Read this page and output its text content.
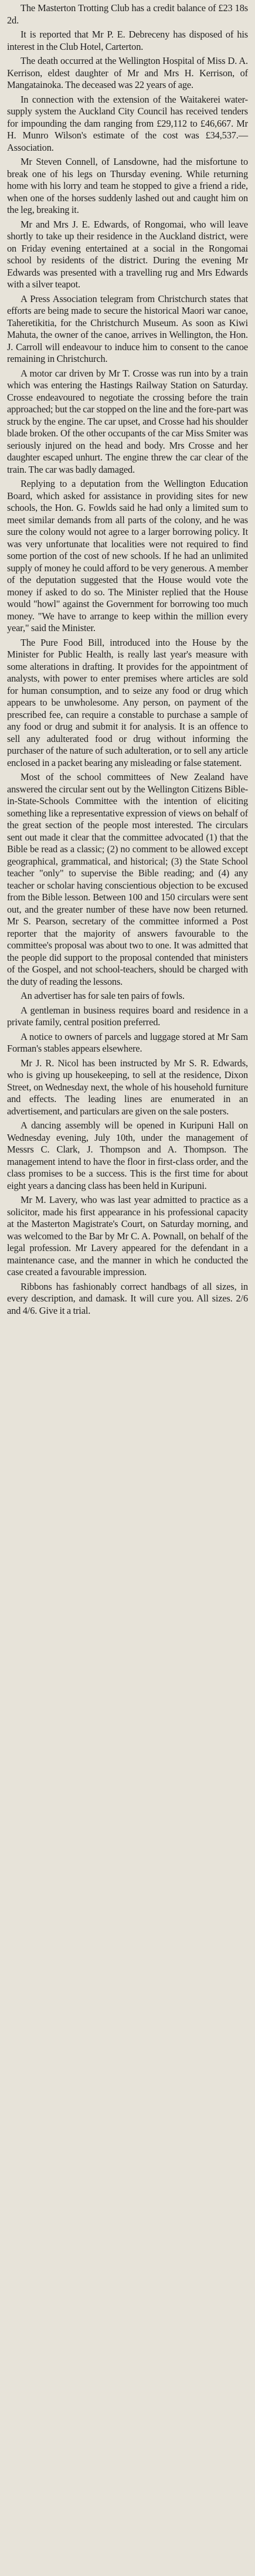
The Masterton Trotting Club has a credit balance of £23 18s 2d.

It is reported that Mr P. E. Debreceny has disposed of his interest in the Club Hotel, Carterton.

The death occurred at the Wellington Hospital of Miss D. A. Kerrison, eldest daughter of Mr and Mrs H. Kerrison, of Mangatainoka. The deceased was 22 years of age.

In connection with the extension of the Waitakerei water-supply system the Auckland City Council has received tenders for impounding the dam ranging from £29,112 to £46,667. Mr H. Munro Wilson's estimate of the cost was £34,537.—Association.

Mr Steven Connell, of Lansdowne, had the misfortune to break one of his legs on Thursday evening. While returning home with his lorry and team he stopped to give a friend a ride, when one of the horses suddenly lashed out and caught him on the leg, breaking it.

Mr and Mrs J. E. Edwards, of Rongomai, who will leave shortly to take up their residence in the Auckland district, were on Friday evening entertained at a social in the Rongomai school by residents of the district. During the evening Mr Edwards was presented with a travelling rug and Mrs Edwards with a silver teapot.

A Press Association telegram from Christchurch states that efforts are being made to secure the historical Maori war canoe, Taheretikitia, for the Christchurch Museum. As soon as Kiwi Mahuta, the owner of the canoe, arrives in Wellington, the Hon. J. Carroll will endeavour to induce him to consent to the canoe remaining in Christchurch.

A motor car driven by Mr T. Crosse was run into by a train which was entering the Hastings Railway Station on Saturday. Crosse endeavoured to negotiate the crossing before the train approached; but the car stopped on the line and the fore-part was struck by the engine. The car upset, and Crosse had his shoulder blade broken. Of the other occupants of the car Miss Smiter was seriously injured on the head and body. Mrs Crosse and her daughter escaped unhurt. The engine threw the car clear of the train. The car was badly damaged.

Replying to a deputation from the Wellington Education Board, which asked for assistance in providing sites for new schools, the Hon. G. Fowlds said he had only a limited sum to meet similar demands from all parts of the colony, and he was sure the colony would not agree to a larger borrowing policy. It was very unfortunate that localities were not required to find some portion of the cost of new schools. If he had an unlimited supply of money he could afford to be very generous. A member of the deputation suggested that the House would vote the money if asked to do so. The Minister replied that the House would "howl" against the Government for borrowing too much money. "We have to arrange to keep within the million every year," said the Minister.

The Pure Food Bill, introduced into the House by the Minister for Public Health, is really last year's measure with some alterations in drafting. It provides for the appointment of analysts, with power to enter premises where articles are sold for human consumption, and to seize any food or drug which appears to be unwholesome. Any person, on payment of the prescribed fee, can require a constable to purchase a sample of any food or drug and submit it for analysis. It is an offence to sell any adulterated food or drug without informing the purchaser of the nature of such adulteration, or to sell any article enclosed in a packet bearing any misleading or false statement.

Most of the school committees of New Zealand have answered the circular sent out by the Wellington Citizens Bible-in-State-Schools Committee with the intention of eliciting something like a representative expression of views on behalf of the great section of the people most interested. The circulars sent out made it clear that the committee advocated (1) that the Bible be read as a classic; (2) no comment to be allowed except geographical, grammatical, and historical; (3) the State School teacher "only" to supervise the Bible reading; and (4) any teacher or scholar having conscientious objection to be excused from the Bible lesson. Between 100 and 150 circulars were sent out, and the greater number of these have now been returned. Mr S. Pearson, secretary of the committee informed a Post reporter that the majority of answers favourable to the committee's proposal was about two to one. It was admitted that the people did support to the proposal contended that ministers of the Gospel, and not school-teachers, should be charged with the duty of reading the lessons.

An advertiser has for sale ten pairs of fowls.

A gentleman in business requires board and residence in a private family, central position preferred.

A notice to owners of parcels and luggage stored at Mr Sam Forman's stables appears elsewhere.

Mr J. R. Nicol has been instructed by Mr S. R. Edwards, who is giving up housekeeping, to sell at the residence, Dixon Street, on Wednesday next, the whole of his household furniture and effects. The leading lines are enumerated in an advertisement, and particulars are given on the sale posters.

A dancing assembly will be opened in Kuripuni Hall on Wednesday evening, July 10th, under the management of Messrs C. Clark, J. Thompson and A. Thompson. The management intend to have the floor in first-class order, and the class promises to be a success. This is the first time for about eight years a dancing class has been held in Kuripuni.

Mr M. Lavery, who was last year admitted to practice as a solicitor, made his first appearance in his professional capacity at the Masterton Magistrate's Court, on Saturday morning, and was welcomed to the Bar by Mr C. A. Pownall, on behalf of the legal profession. Mr Lavery appeared for the defendant in a maintenance case, and the manner in which he conducted the case created a favourable impression.

Ribbons has fashionably correct handbags of all sizes, in every description, and damask. It will cure you. All sizes. 2/6 and 4/6. Give it a trial.
